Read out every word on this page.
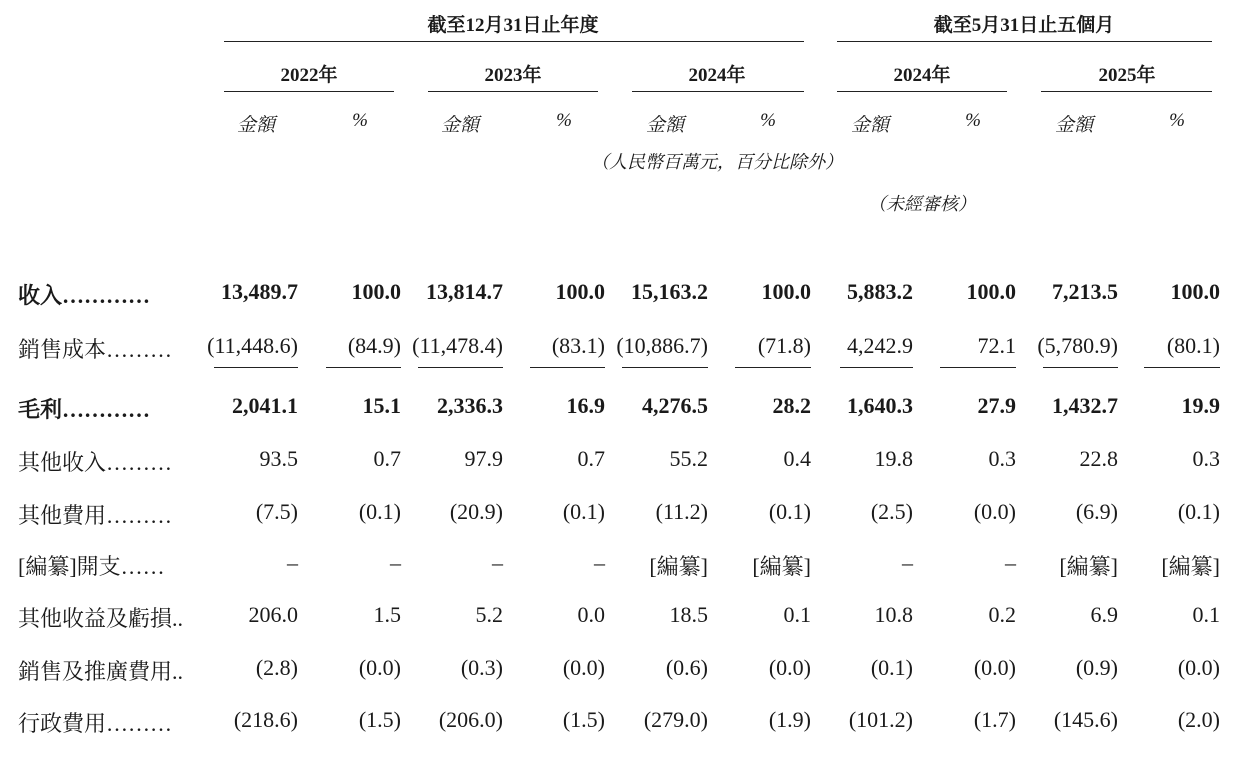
截至12月31日止年度	截至5月31日止五個月
2022年	2023年	2024年	2024年	2025年
金額	%	金額	%	金額	%	金額	%	金額	%
（人民幣百萬元，百分比除外）
（未經審核）
收入…………	13,489.7 100.0 13,814.7 100.0 15,163.2 100.0 5,883.2 100.0 7,213.5 100.0
銷售成本……… (11,448.6) (84.9) (11,478.4) (83.1) (10,886.7) (71.8) 4,242.9	72.1 (5,780.9) (80.1)
毛利…………	2,041.1	15.1 2,336.3	16.9 4,276.5	28.2 1,640.3	27.9 1,432.7	19.9
其他收入………	93.5	0.7	97.9	0.7	55.2	0.4	19.8	0.3	22.8	0.3
其他費用………	(7.5)	(0.1) (20.9)	(0.1) (11.2)	(0.1)	(2.5)	(0.0)	(6.9)	(0.1)
[編纂]開支……	–	–	–	– [編纂] [編纂]	–	– [編纂] [編纂]
其他收益及虧損..	206.0	1.5	5.2	0.0	18.5	0.1	10.8	0.2	6.9	0.1
銷售及推廣費用..	(2.8)	(0.0)	(0.3)	(0.0)	(0.6)	(0.0)	(0.1)	(0.0)	(0.9)	(0.0)
行政費用………	(218.6)	(1.5) (206.0)	(1.5) (279.0)	(1.9) (101.2)	(1.7) (145.6)	(2.0)
